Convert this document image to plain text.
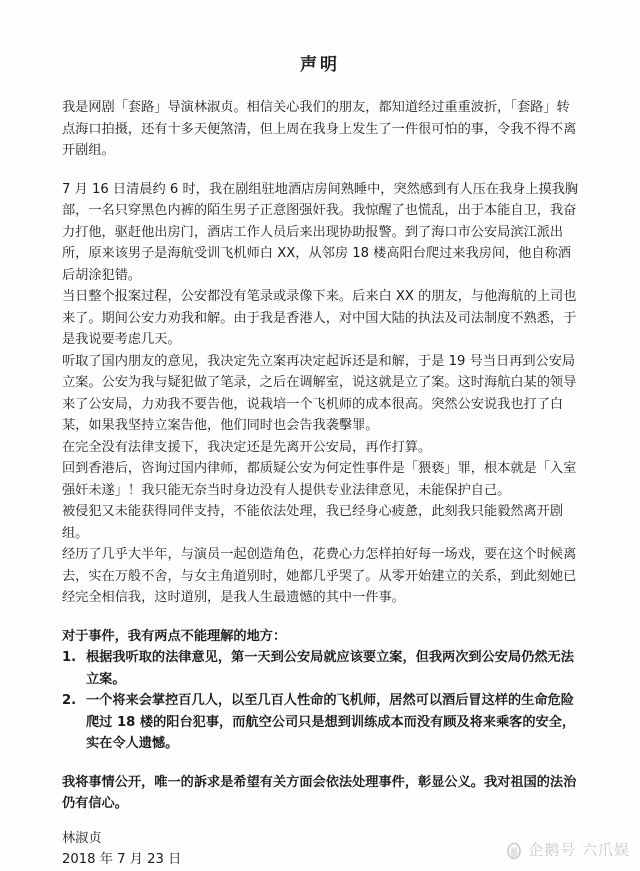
声明

我是网剧「套路」导演林淑贞。相信关心我们的朋友，都知道经过重重波折，「套路」转点海口拍摄，还有十多天便煞清，但上周在我身上发生了一件很可怕的事，令我不得不离开剧组。

7 月 16 日清晨约 6 时，我在剧组驻地酒店房间熟睡中，突然感到有人压在我身上摸我胸部，一名只穿黑色内裤的陌生男子正意图强奸我。我惊醒了也慌乱，出于本能自卫，我奋力打他，驱赶他出房门，酒店工作人员后来出现协助报警。到了海口市公安局滨江派出所，原来该男子是海航受训飞机师白 XX，从邻房 18 楼高阳台爬过来我房间，他自称酒后胡涂犯错。

当日整个报案过程，公安都没有笔录或录像下来。后来白 XX 的朋友，与他海航的上司也来了。期间公安力劝我和解。由于我是香港人，对中国大陆的执法及司法制度不熟悉，于是我说要考虑几天。

听取了国内朋友的意见，我决定先立案再决定起诉还是和解，于是 19 号当日再到公安局立案。公安为我与疑犯做了笔录，之后在调解室，说这就是立了案。这时海航白某的领导来了公安局，力劝我不要告他，说栽培一个飞机师的成本很高。突然公安说我也打了白某，如果我坚持立案告他，他们同时也会告我袭擊罪。

在完全没有法律支援下，我决定还是先离开公安局，再作打算。

回到香港后，咨询过国内律师，都质疑公安为何定性事件是「猥亵」罪，根本就是「入室强奸未遂」！我只能无奈当时身边没有人提供专业法律意见，未能保护自己。

被侵犯又未能获得同伴支持，不能依法处理，我已经身心疲惫，此刻我只能毅然离开剧组。

经历了几乎大半年，与演员一起创造角色，花费心力怎样拍好每一场戏，要在这个时候离去，实在万般不舍，与女主角道别时，她都几乎哭了。从零开始建立的关系，到此刻她已经完全相信我，这时道别，是我人生最遗憾的其中一件事。

对于事件，我有两点不能理解的地方：

1. 根据我听取的法律意见，第一天到公安局就应该要立案，但我两次到公安局仍然无法立案。
2. 一个将来会掌控百几人，以至几百人性命的飞机师，居然可以酒后冒这样的生命危险爬过 18 楼的阳台犯事，而航空公司只是想到训练成本而没有顾及将来乘客的安全，实在令人遗憾。

我将事情公开，唯一的訴求是希望有关方面会依法处理事件，彰显公义。我对祖国的法治仍有信心。

林淑贞

2018 年 7 月 23 日

企鹅号 六爪娱
